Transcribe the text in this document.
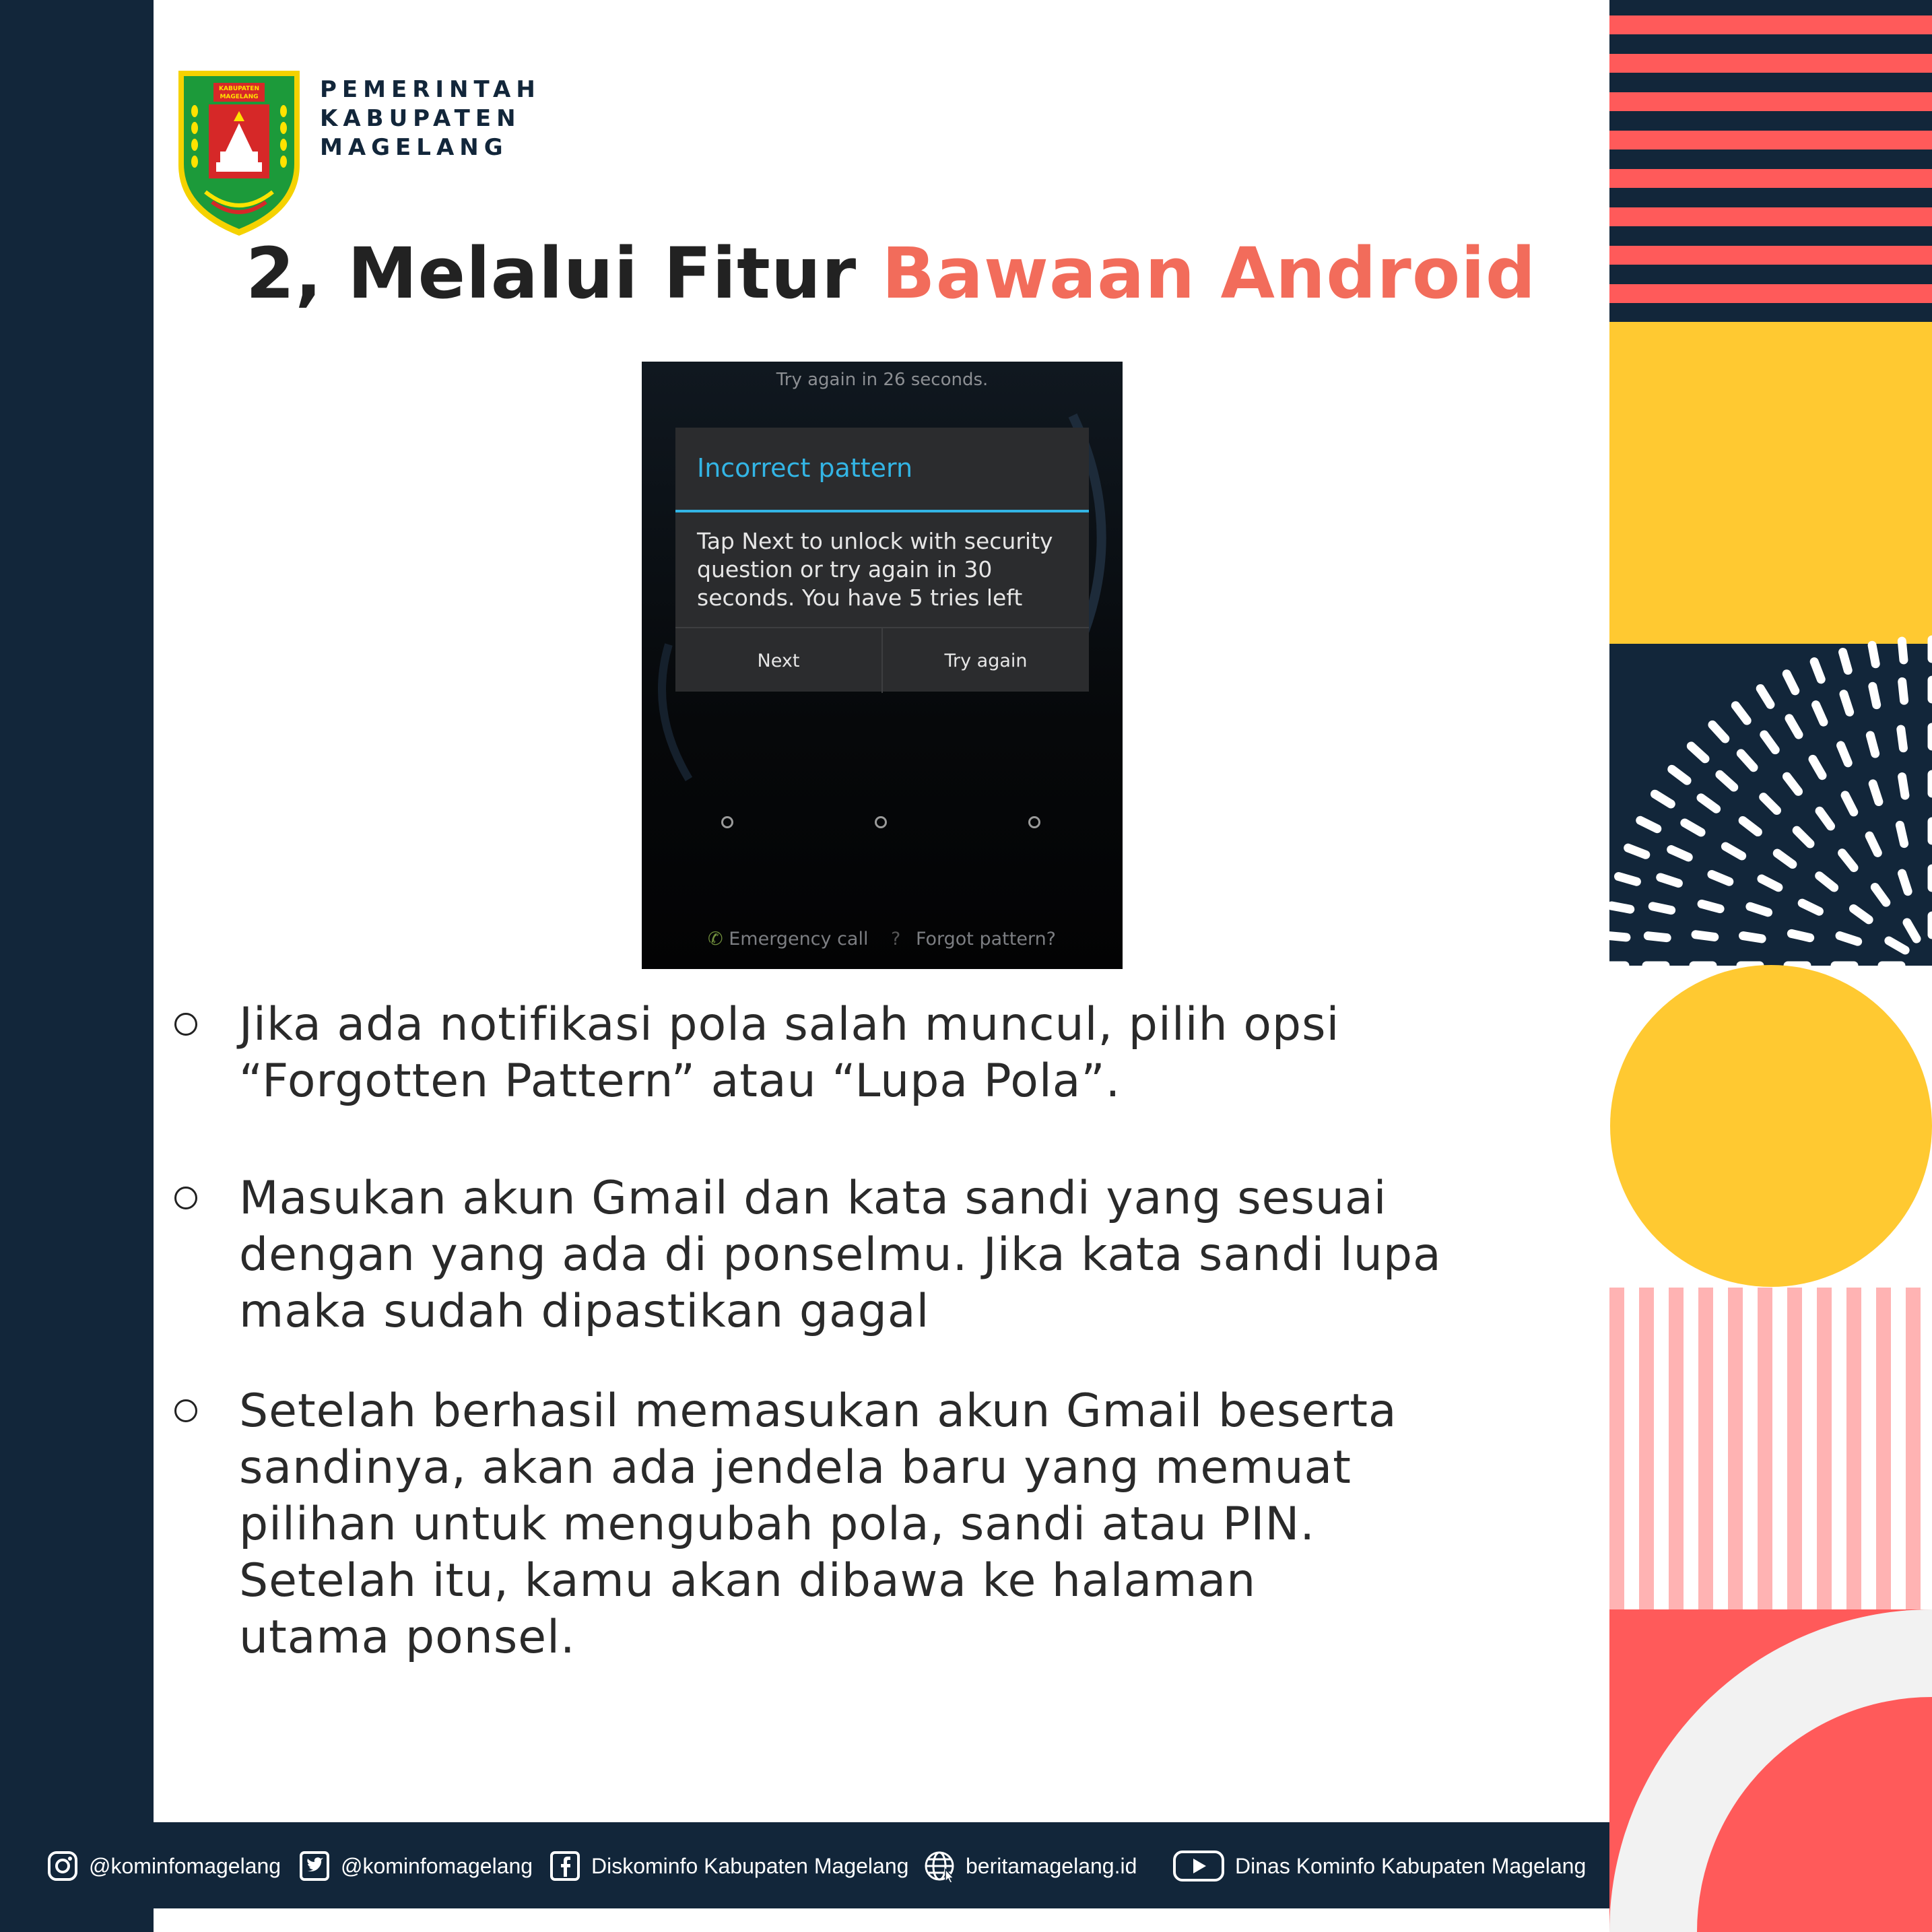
KABUPATEN
MAGELANG	PEMERINTAH
KABUPATEN
MAGELANG
2, Melalui Fitur Bawaan Android
Try again in 26 seconds.
Incorrect pattern
Tap Next to unlock with security question or try again in 30 seconds. You have 5 tries left
Next	Try again
✆ Emergency call ? Forgot pattern?
Jika ada notifikasi pola salah muncul, pilih opsi
“Forgotten Pattern” atau “Lupa Pola”.
Masukan akun Gmail dan kata sandi yang sesuai
dengan yang ada di ponselmu. Jika kata sandi lupa
maka sudah dipastikan gagal
Setelah berhasil memasukan akun Gmail beserta
sandinya, akan ada jendela baru yang memuat
pilihan untuk mengubah pola, sandi atau PIN.
Setelah itu, kamu akan dibawa ke halaman
utama ponsel.
@kominfomagelang	@kominfomagelang	Diskominfo Kabupaten Magelang	beritamagelang.id	Dinas Kominfo Kabupaten Magelang
